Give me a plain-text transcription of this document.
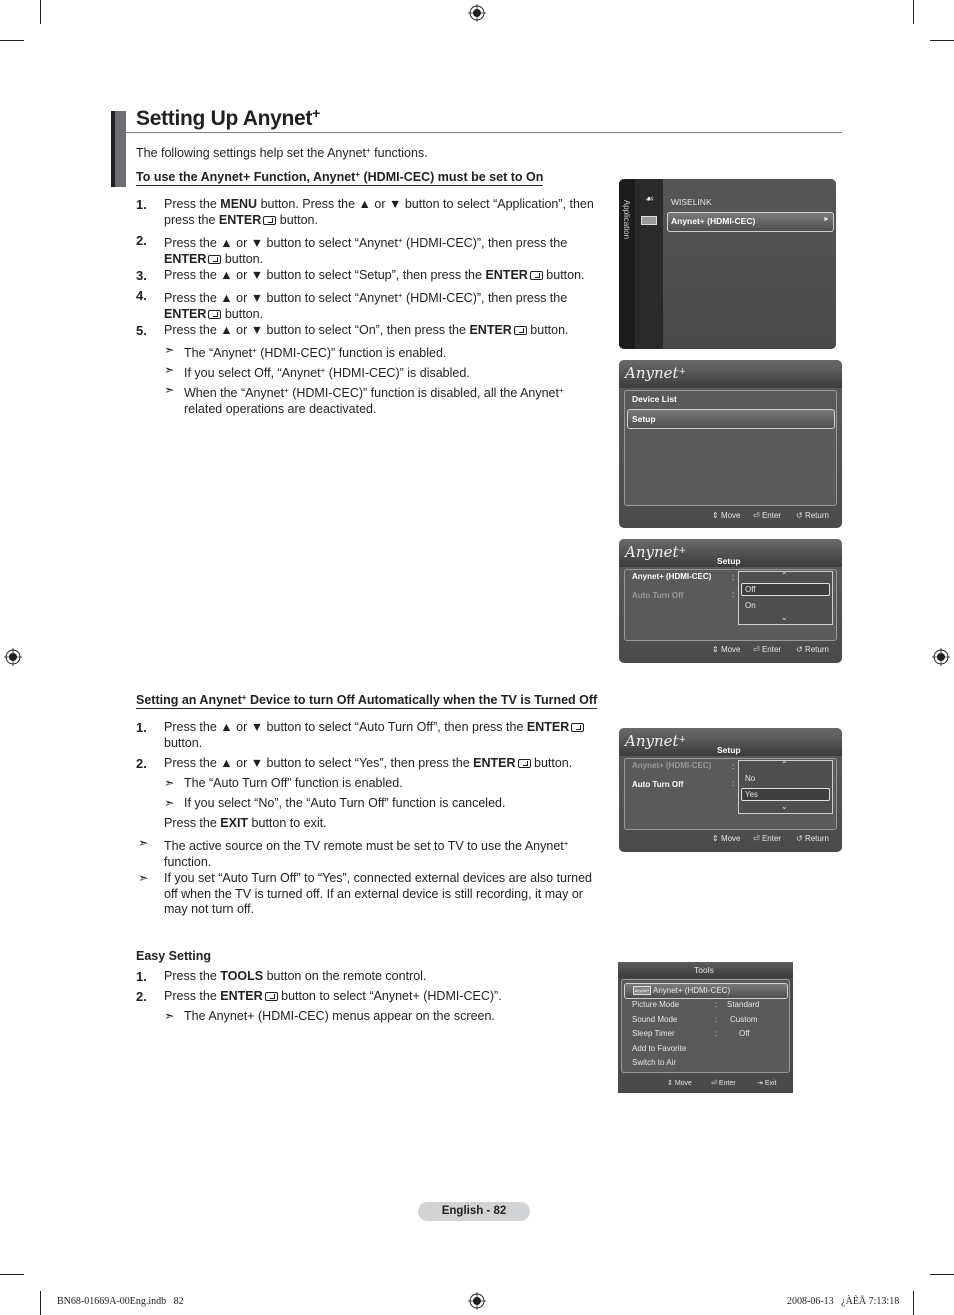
Setting Up Anynet+
The following settings help set the Anynet+ functions.
To use the Anynet+ Function, Anynet+ (HDMI-CEC) must be set to On
1. Press the MENU button. Press the ▲ or ▼ button to select “Application”, then
press the ENTER button.
2. Press the ▲ or ▼ button to select “Anynet+ (HDMI-CEC)”, then press the
ENTER button.
3. Press the ▲ or ▼ button to select “Setup”, then press the ENTER button.
4. Press the ▲ or ▼ button to select “Anynet+ (HDMI-CEC)”, then press the
ENTER button.
5. Press the ▲ or ▼ button to select “On”, then press the ENTER button.
➣ The “Anynet+ (HDMI-CEC)” function is enabled.
➣ If you select Off, “Anynet+ (HDMI-CEC)” is disabled.
➣ When the “Anynet+ (HDMI-CEC)” function is disabled, all the Anynet+
related operations are deactivated.
Setting an Anynet+ Device to turn Off Automatically when the TV is Turned Off
1. Press the ▲ or ▼ button to select “Auto Turn Off”, then press the ENTER
button.
2. Press the ▲ or ▼ button to select “Yes”, then press the ENTER button.
➣ The “Auto Turn Off” function is enabled.
➣ If you select “No”, the “Auto Turn Off” function is canceled.
Press the EXIT button to exit.
➣ The active source on the TV remote must be set to TV to use the Anynet+
function.
➣ If you set “Auto Turn Off” to “Yes”, connected external devices are also turned
off when the TV is turned off. If an external device is still recording, it may or
may not turn off.
Easy Setting
1. Press the TOOLS button on the remote control.
2. Press the ENTER button to select “Anynet+ (HDMI-CEC)”.
➣ The Anynet+ (HDMI-CEC) menus appear on the screen.
Application
☙ WISELINK
Anynet+ (HDMI-CEC)	►
Anynet+
Device List
Setup
⇕ Move ⏎ Enter ↺ Return
Anynet+
Setup
Anynet+ (HDMI-CEC)
Auto Turn Off
:
:
⌃
Off
On
⌄
⇕ Move ⏎ Enter ↺ Return
Anynet+
Setup
Anynet+ (HDMI-CEC)
Auto Turn Off
:
:
⌃
No
Yes
⌄
⇕ Move ⏎ Enter ↺ Return
Tools
Anynet+ Anynet+ (HDMI-CEC)
Picture Mode	: Standard
Sound Mode	: Custom
Sleep Timer	:	Off
Add to Favorite
Switch to Air
⇕ Move	⏎ Enter	⇥ Exit
English - 82
BN68-01669A-00Eng.indb   82	2008-06-13   ¿ÀÈÄ 7:13:18
